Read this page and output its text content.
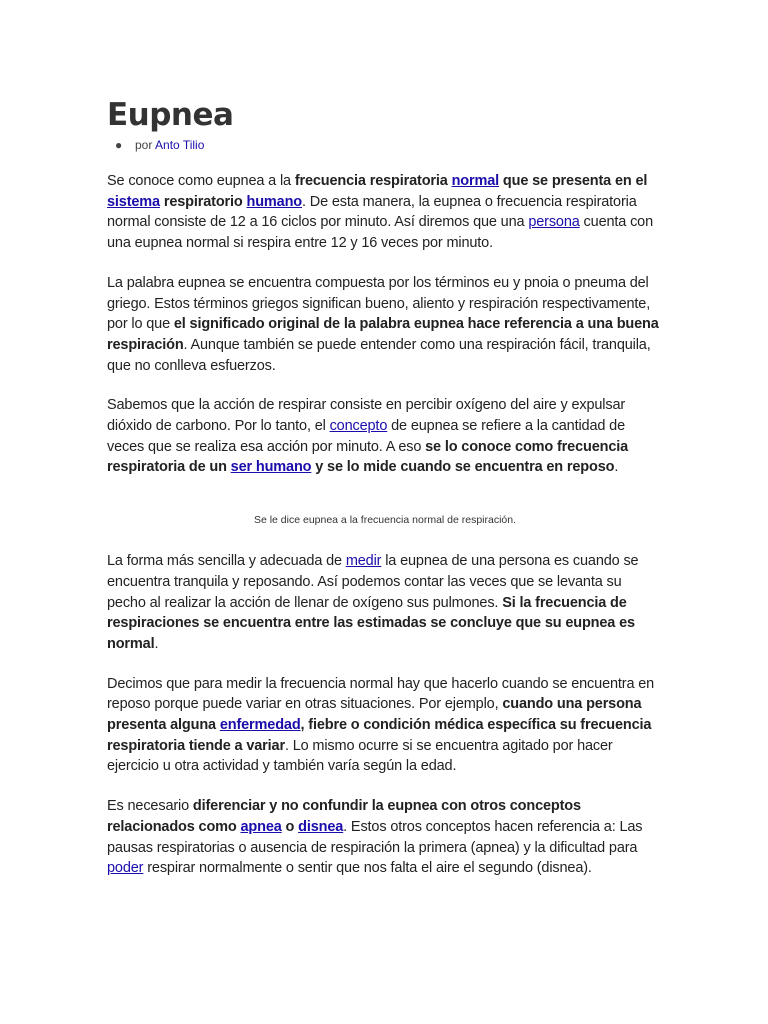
Eupnea
● por Anto Tilio

Se conoce como eupnea a la frecuencia respiratoria normal que se presenta en el sistema respiratorio humano. De esta manera, la eupnea o frecuencia respiratoria normal consiste de 12 a 16 ciclos por minuto. Así diremos que una persona cuenta con una eupnea normal si respira entre 12 y 16 veces por minuto.

La palabra eupnea se encuentra compuesta por los términos eu y pnoia o pneuma del griego. Estos términos griegos significan bueno, aliento y respiración respectivamente, por lo que el significado original de la palabra eupnea hace referencia a una buena respiración. Aunque también se puede entender como una respiración fácil, tranquila, que no conlleva esfuerzos.

Sabemos que la acción de respirar consiste en percibir oxígeno del aire y expulsar dióxido de carbono. Por lo tanto, el concepto de eupnea se refiere a la cantidad de veces que se realiza esa acción por minuto. A eso se lo conoce como frecuencia respiratoria de un ser humano y se lo mide cuando se encuentra en reposo.

Se le dice eupnea a la frecuencia normal de respiración.

La forma más sencilla y adecuada de medir la eupnea de una persona es cuando se encuentra tranquila y reposando. Así podemos contar las veces que se levanta su pecho al realizar la acción de llenar de oxígeno sus pulmones. Si la frecuencia de respiraciones se encuentra entre las estimadas se concluye que su eupnea es normal.

Decimos que para medir la frecuencia normal hay que hacerlo cuando se encuentra en reposo porque puede variar en otras situaciones. Por ejemplo, cuando una persona presenta alguna enfermedad, fiebre o condición médica específica su frecuencia respiratoria tiende a variar. Lo mismo ocurre si se encuentra agitado por hacer ejercicio u otra actividad y también varía según la edad.

Es necesario diferenciar y no confundir la eupnea con otros conceptos relacionados como apnea o disnea. Estos otros conceptos hacen referencia a: Las pausas respiratorias o ausencia de respiración la primera (apnea) y la dificultad para poder respirar normalmente o sentir que nos falta el aire el segundo (disnea).
